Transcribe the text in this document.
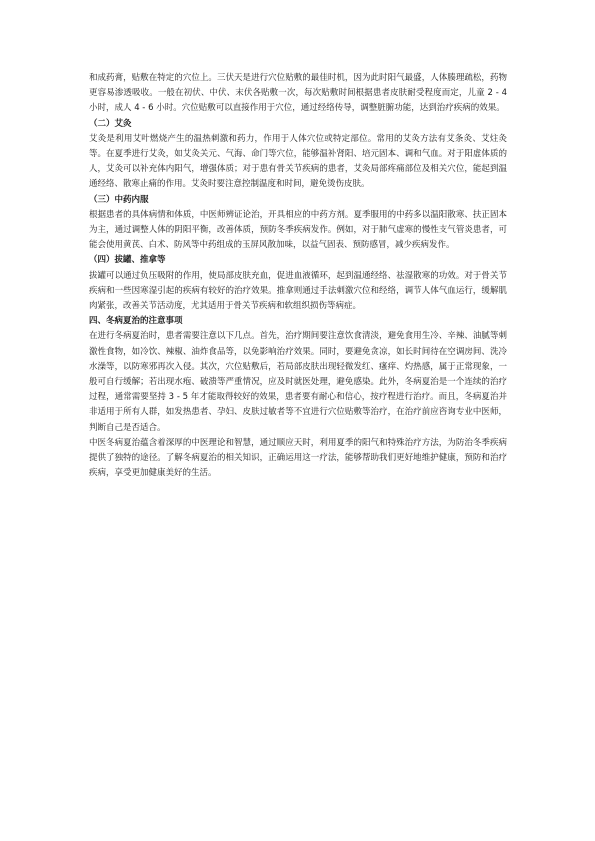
和成药膏，贴敷在特定的穴位上。三伏天是进行穴位贴敷的最佳时机，因为此时阳气最盛，人体腠理疏松，药物更容易渗透吸收。一般在初伏、中伏、末伏各贴敷一次，每次贴敷时间根据患者皮肤耐受程度而定，儿童 2 - 4 小时，成人 4 - 6 小时。穴位贴敷可以直接作用于穴位，通过经络传导，调整脏腑功能，达到治疗疾病的效果。

（二）艾灸

艾灸是利用艾叶燃烧产生的温热刺激和药力，作用于人体穴位或特定部位。常用的艾灸方法有艾条灸、艾炷灸等。在夏季进行艾灸，如艾灸关元、气海、命门等穴位，能够温补肾阳、培元固本、调和气血。对于阳虚体质的人，艾灸可以补充体内阳气，增强体质；对于患有骨关节疾病的患者，艾灸局部疼痛部位及相关穴位，能起到温通经络、散寒止痛的作用。艾灸时要注意控制温度和时间，避免烫伤皮肤。

（三）中药内服

根据患者的具体病情和体质，中医师辨证论治，开具相应的中药方剂。夏季服用的中药多以温阳散寒、扶正固本为主，通过调整人体的阴阳平衡，改善体质，预防冬季疾病发作。例如，对于肺气虚寒的慢性支气管炎患者，可能会使用黄芪、白术、防风等中药组成的玉屏风散加味，以益气固表、预防感冒，减少疾病发作。

（四）拔罐、推拿等

拔罐可以通过负压吸附的作用，使局部皮肤充血，促进血液循环，起到温通经络、祛湿散寒的功效。对于骨关节疾病和一些因寒湿引起的疾病有较好的治疗效果。推拿则通过手法刺激穴位和经络，调节人体气血运行，缓解肌肉紧张，改善关节活动度，尤其适用于骨关节疾病和软组织损伤等病症。

四、冬病夏治的注意事项

在进行冬病夏治时，患者需要注意以下几点。首先，治疗期间要注意饮食清淡，避免食用生冷、辛辣、油腻等刺激性食物，如冷饮、辣椒、油炸食品等，以免影响治疗效果。同时，要避免贪凉，如长时间待在空调房间、洗冷水澡等，以防寒邪再次入侵。其次，穴位贴敷后，若局部皮肤出现轻微发红、瘙痒、灼热感，属于正常现象，一般可自行缓解；若出现水疱、破溃等严重情况，应及时就医处理，避免感染。此外，冬病夏治是一个连续的治疗过程，通常需要坚持 3 - 5 年才能取得较好的效果，患者要有耐心和信心，按疗程进行治疗。而且，冬病夏治并非适用于所有人群，如发热患者、孕妇、皮肤过敏者等不宜进行穴位贴敷等治疗，在治疗前应咨询专业中医师，判断自己是否适合。

中医冬病夏治蕴含着深厚的中医理论和智慧，通过顺应天时，利用夏季的阳气和特殊治疗方法，为防治冬季疾病提供了独特的途径。了解冬病夏治的相关知识，正确运用这一疗法，能够帮助我们更好地维护健康，预防和治疗疾病，享受更加健康美好的生活。
